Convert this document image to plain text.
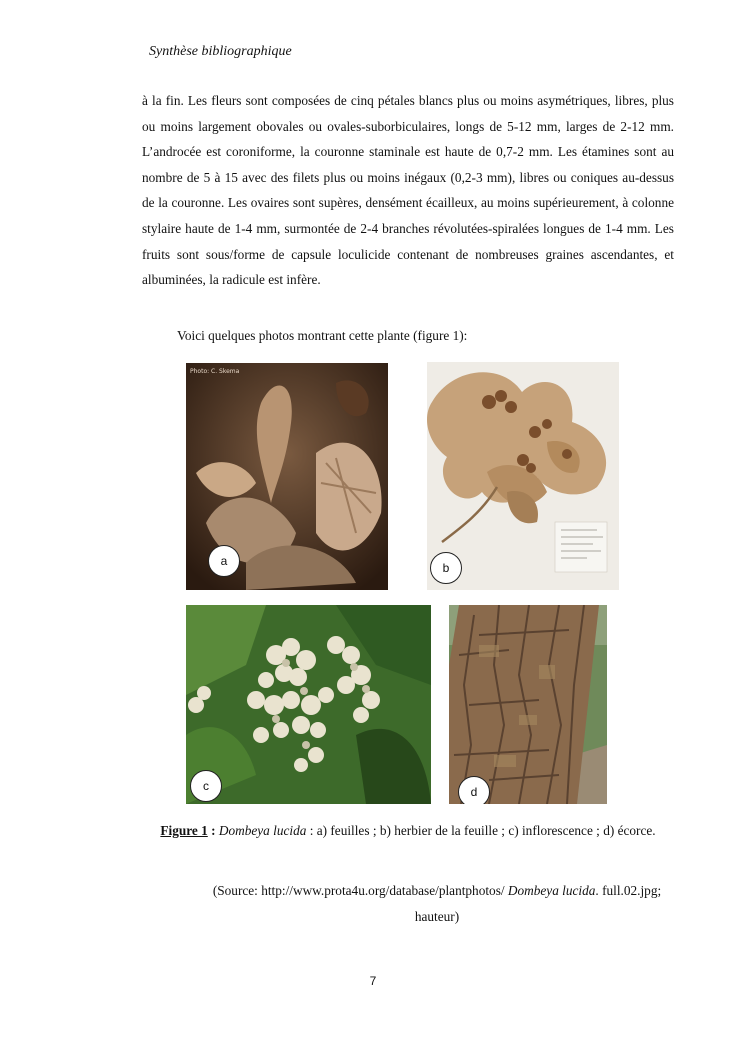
Synthèse bibliographique

à la fin. Les fleurs sont composées de cinq pétales blancs plus ou moins asymétriques, libres, plus ou moins largement obovales ou ovales-suborbiculaires, longs de 5-12 mm, larges de 2-12 mm. L’androcée est coroniforme, la couronne staminale est haute de 0,7-2 mm. Les étamines sont au nombre de 5 à 15 avec des filets plus ou moins inégaux (0,2-3 mm), libres ou coniques au-dessus de la couronne. Les ovaires sont supères, densément écailleux, au moins supérieurement, à colonne stylaire haute de 1-4 mm, surmontée de 2-4 branches révolutées-spiralées longues de 1-4 mm. Les fruits sont sous/forme de capsule loculicide contenant de nombreuses graines ascendantes, et albuminées, la radicule est infère.

Voici quelques photos montrant cette plante (figure 1):
Photo: C. Skema
a	b
c	d
Figure 1 : Dombeya lucida : a) feuilles ; b) herbier de la feuille ; c) inflorescence ; d) écorce.
(Source: http://www.prota4u.org/database/plantphotos/ Dombeya lucida. full.02.jpg; hauteur)
7
